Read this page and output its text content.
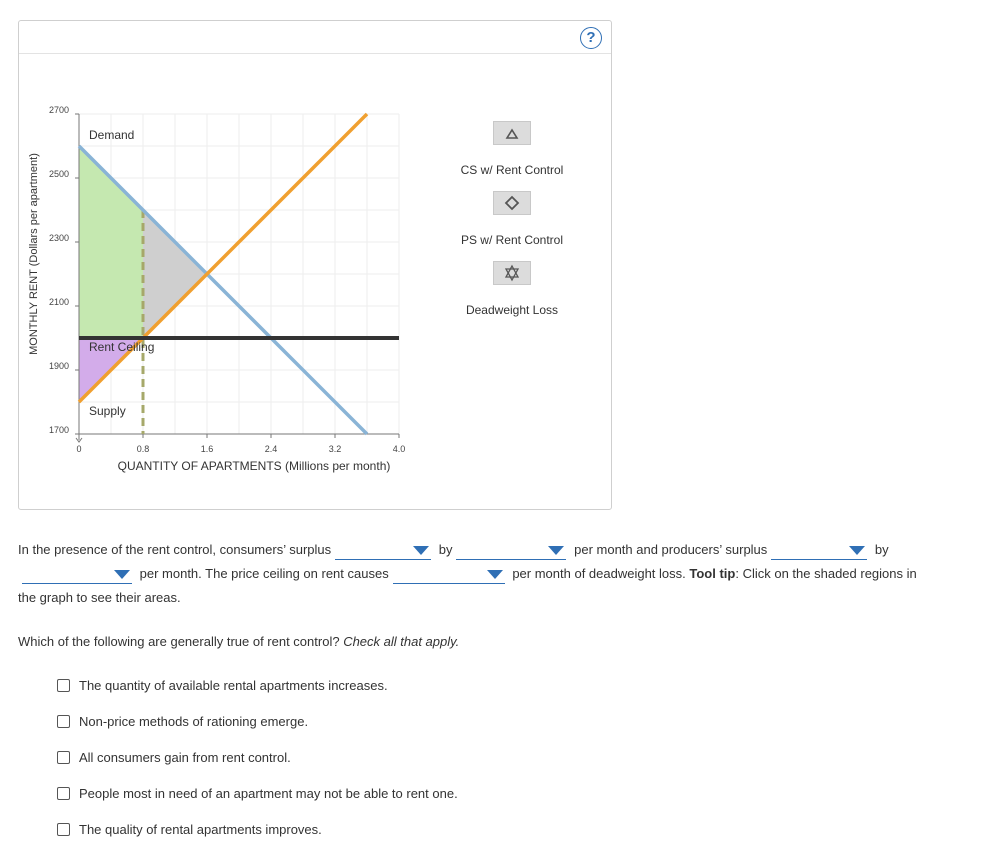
?
0	0.8	1.6	2.4	3.2	4.0
1700
1900
2100
2300
2500
2700
QUANTITY OF APARTMENTS (Millions per month)
MONTHLY RENT (Dollars per apartment)
Demand
Supply
Rent Ceiling
CS w/ Rent Control
PS w/ Rent Control
Deadweight Loss
In the presence of the rent control, consumers’ surplus	by	per month and producers’ surplus	by

per month. The price ceiling on rent causes	per month of deadweight loss. Tool tip: Click on the shaded regions in the graph to see their areas.
Which of the following are generally true of rent control? Check all that apply.
The quantity of available rental apartments increases.
Non-price methods of rationing emerge.
All consumers gain from rent control.
People most in need of an apartment may not be able to rent one.
The quality of rental apartments improves.
